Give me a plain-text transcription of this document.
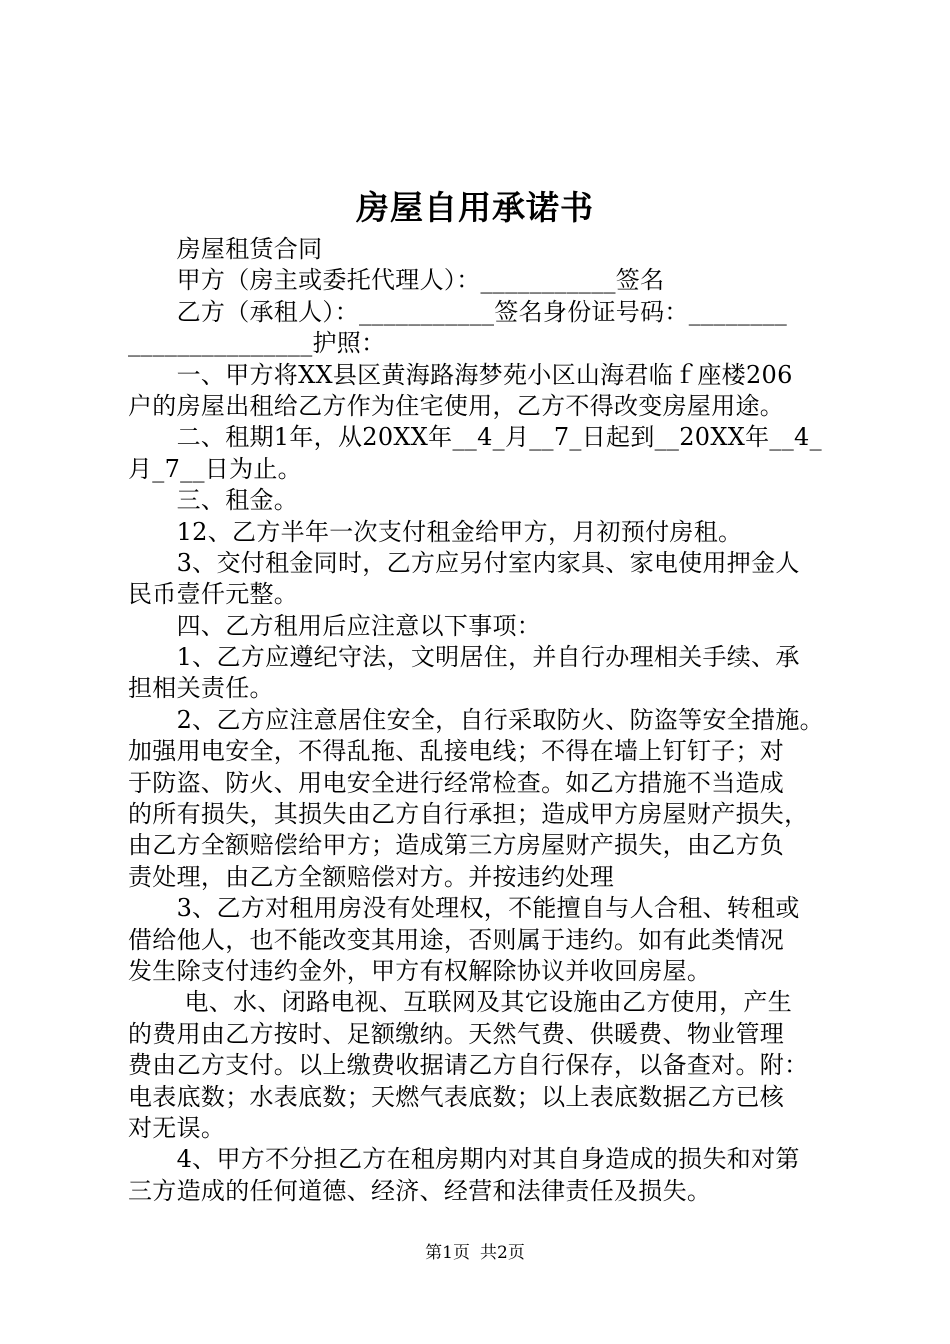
房屋自用承诺书
　　房屋租赁合同
　　甲方（房主或委托代理人）：___________签名
　　乙方（承租人）：___________签名身份证号码：________
_______________护照：
　　一、甲方将XX县区黄海路海梦苑小区山海君临ｆ座楼206
户的房屋出租给乙方作为住宅使用，乙方不得改变房屋用途。
　　二、租期1年，从20XX年__4_月__7_日起到__20XX年__4_
月_7__日为止。
　　三、租金。
　　12、乙方半年一次支付租金给甲方，月初预付房租。
　　3、交付租金同时，乙方应另付室内家具、家电使用押金人
民币壹仟元整。
　　四、乙方租用后应注意以下事项：
　　1、乙方应遵纪守法，文明居住，并自行办理相关手续、承
担相关责任。
　　2、乙方应注意居住安全，自行采取防火、防盗等安全措施。
加强用电安全，不得乱拖、乱接电线；不得在墙上钉钉子；对
于防盗、防火、用电安全进行经常检查。如乙方措施不当造成
的所有损失，其损失由乙方自行承担；造成甲方房屋财产损失，
由乙方全额赔偿给甲方；造成第三方房屋财产损失，由乙方负
责处理，由乙方全额赔偿对方。并按违约处理
　　3、乙方对租用房没有处理权，不能擅自与人合租、转租或
借给他人，也不能改变其用途，否则属于违约。如有此类情况
发生除支付违约金外，甲方有权解除协议并收回房屋。
　　 电、水、闭路电视、互联网及其它设施由乙方使用，产生
的费用由乙方按时、足额缴纳。天然气费、供暖费、物业管理
费由乙方支付。以上缴费收据请乙方自行保存，以备查对。附：
电表底数；水表底数；天燃气表底数；以上表底数据乙方已核
对无误。
　　4、甲方不分担乙方在租房期内对其自身造成的损失和对第
三方造成的任何道德、经济、经营和法律责任及损失。
第1页 共2页
